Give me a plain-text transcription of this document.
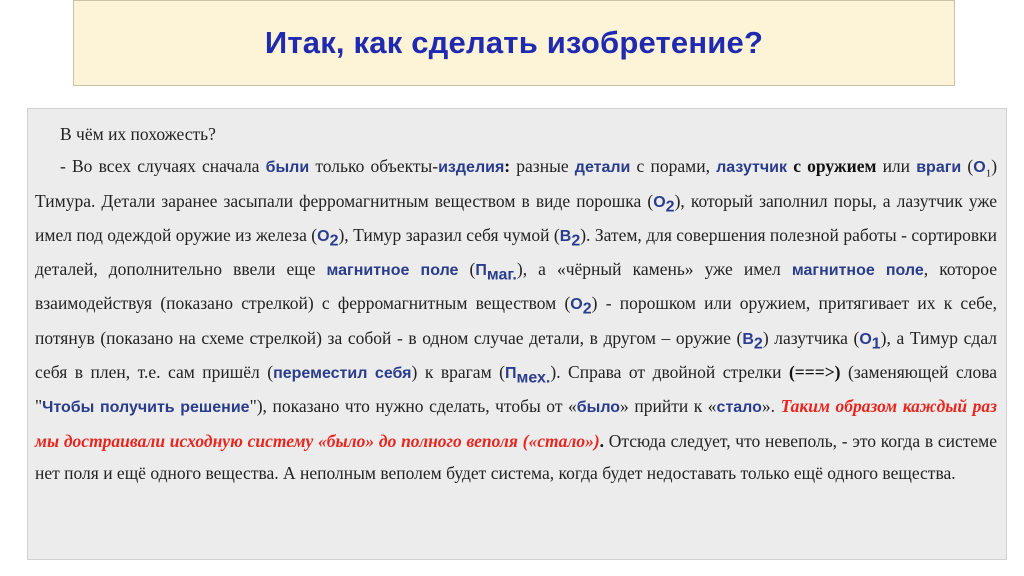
Итак, как сделать изобретение?
В чём их похожесть?

- Во всех случаях сначала были только объекты-изделия: разные детали с порами, лазутчик с оружием или враги $(О_1)$ Тимура. Детали заранее засыпали ферромагнитным веществом в виде порошка $(О_2)$, который заполнил поры, а лазутчик уже имел под одеждой оружие из железа $(О_2)$, Тимур заразил себя чумой $(В_2)$. Затем, для совершения полезной работы - сортировки деталей, дополнительно ввели еще магнитное поле $(П_{маг.})$, а «чёрный камень» уже имел магнитное поле, которое взаимодействуя (показано стрелкой) с ферромагнитным веществом $(О_2)$ - порошком или оружием, притягивает их к себе, потянув (показано на схеме стрелкой) за собой - в одном случае детали, в другом – оружие $(В_2)$ лазутчика $(О_1)$, а Тимур сдал себя в плен, т.е. сам пришёл (переместил себя) к врагам $(П_{мех.})$. Справа от двойной стрелки (===>) (заменяющей слова "Чтобы получить решение"), показано что нужно сделать, чтобы от «было» прийти к «стало». Таким образом каждый раз мы достраивали исходную систему «было» до полного веполя («стало»). Отсюда следует, что невеполь, - это когда в системе нет поля и ещё одного вещества. А неполным веполем будет система, когда будет недоставать только ещё одного вещества.
